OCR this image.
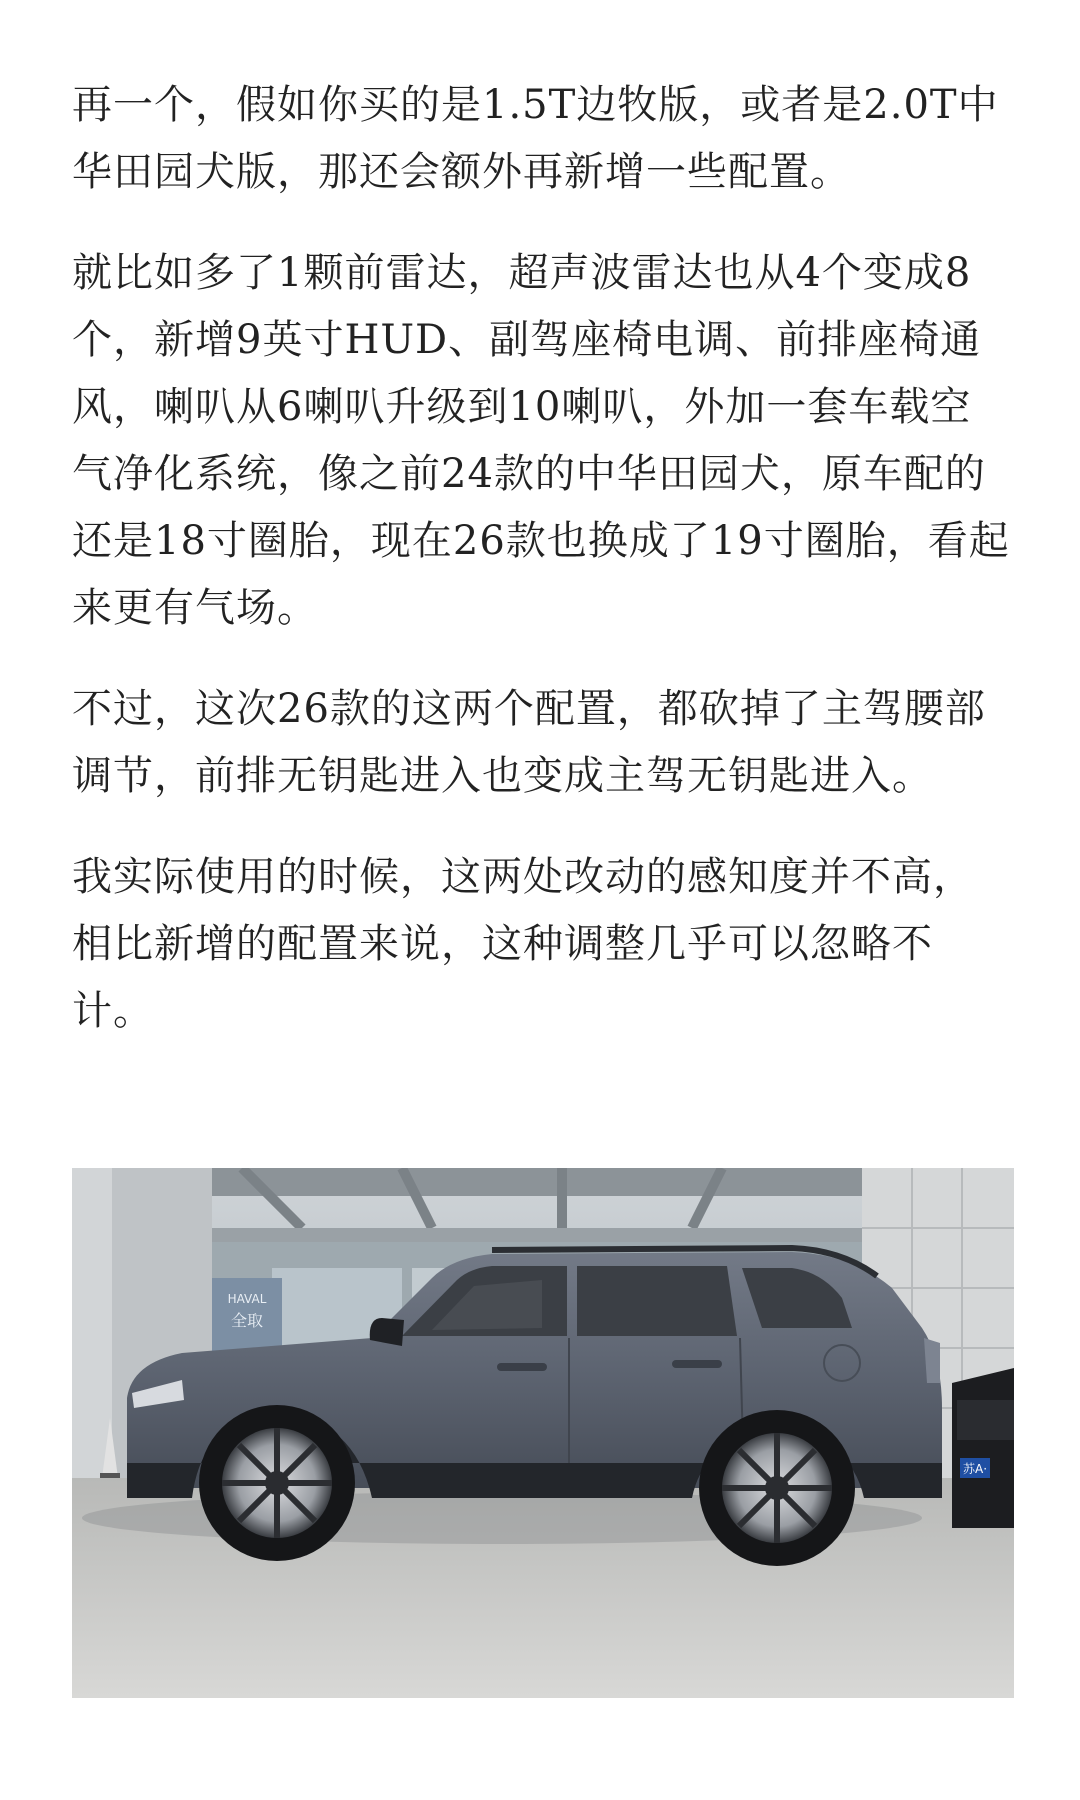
再一个，假如你买的是1.5T边牧版，或者是2.0T中华田园犬版，那还会额外再新增一些配置。

就比如多了1颗前雷达，超声波雷达也从4个变成8个，新增9英寸HUD、副驾座椅电调、前排座椅通风，喇叭从6喇叭升级到10喇叭，外加一套车载空气净化系统，像之前24款的中华田园犬，原车配的还是18寸圈胎，现在26款也换成了19寸圈胎，看起来更有气场。

不过，这次26款的这两个配置，都砍掉了主驾腰部调节，前排无钥匙进入也变成主驾无钥匙进入。

我实际使用的时候，这两处改动的感知度并不高，相比新增的配置来说，这种调整几乎可以忽略不计。

HAVAL
全取
苏A·
